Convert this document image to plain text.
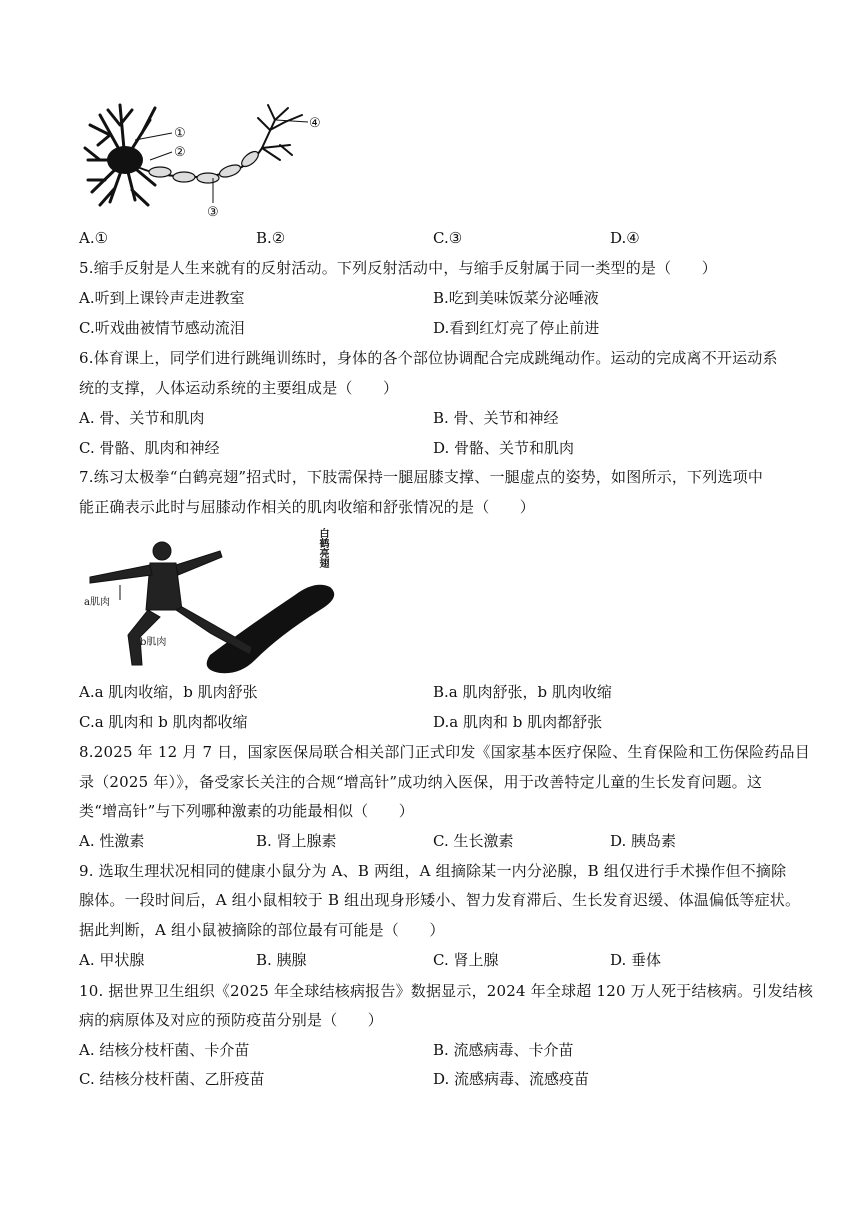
①
②
③
④
A.①	B.②	C.③	D.④
5.缩手反射是人生来就有的反射活动。下列反射活动中，与缩手反射属于同一类型的是（　　）
A.听到上课铃声走进教室	B.吃到美味饭菜分泌唾液
C.听戏曲被情节感动流泪	D.看到红灯亮了停止前进
6.体育课上，同学们进行跳绳训练时，身体的各个部位协调配合完成跳绳动作。运动的完成离不开运动系
统的支撑，人体运动系统的主要组成是（　　）
A. 骨、关节和肌肉	B. 骨、关节和神经
C. 骨骼、肌肉和神经	D. 骨骼、关节和肌肉
7.练习太极拳“白鹤亮翅”招式时，下肢需保持一腿屈膝支撑、一腿虚点的姿势，如图所示，下列选项中
能正确表示此时与屈膝动作相关的肌肉收缩和舒张情况的是（　　）
白鹤亮翅
a肌肉
b肌肉
A.a 肌肉收缩，b 肌肉舒张	B.a 肌肉舒张，b 肌肉收缩
C.a 肌肉和 b 肌肉都收缩	D.a 肌肉和 b 肌肉都舒张
8.2025 年 12 月 7 日，国家医保局联合相关部门正式印发《国家基本医疗保险、生育保险和工伤保险药品目
录（2025 年）》，备受家长关注的合规“增高针”成功纳入医保，用于改善特定儿童的生长发育问题。这
类“增高针”与下列哪种激素的功能最相似（　　）
A. 性激素	B. 肾上腺素	C. 生长激素	D. 胰岛素
9. 选取生理状况相同的健康小鼠分为 A、B 两组，A 组摘除某一内分泌腺，B 组仅进行手术操作但不摘除
腺体。一段时间后，A 组小鼠相较于 B 组出现身形矮小、智力发育滞后、生长发育迟缓、体温偏低等症状。
据此判断，A 组小鼠被摘除的部位最有可能是（　　）
A. 甲状腺	B. 胰腺	C. 肾上腺	D. 垂体
10. 据世界卫生组织《2025 年全球结核病报告》数据显示，2024 年全球超 120 万人死于结核病。引发结核
病的病原体及对应的预防疫苗分别是（　　）
A. 结核分枝杆菌、卡介苗	B. 流感病毒、卡介苗
C. 结核分枝杆菌、乙肝疫苗	D. 流感病毒、流感疫苗
